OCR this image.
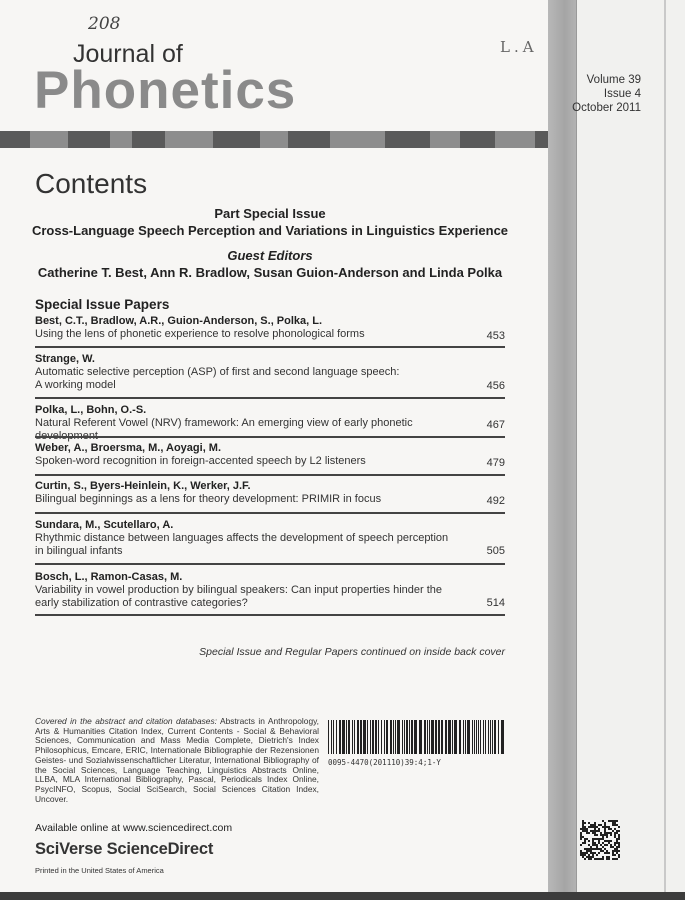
208
L.A
Journal of
Phonetics	Volume 39
Issue 4
October 2011
Contents
Part Special Issue
Cross-Language Speech Perception and Variations in Linguistics Experience
Guest Editors
Catherine T. Best, Ann R. Bradlow, Susan Guion-Anderson and Linda Polka
Special Issue Papers
Best, C.T., Bradlow, A.R., Guion-Anderson, S., Polka, L.
Using the lens of phonetic experience to resolve phonological forms	453
Strange, W.
Automatic selective perception (ASP) of first and second language speech:
A working model	456
Polka, L., Bohn, O.-S.
Natural Referent Vowel (NRV) framework: An emerging view of early phonetic	467
Weber, A., Broersma, M., Aoyagi, M.
Spoken-word recognition in foreign-accented speech by L2 listeners	479
Curtin, S., Byers-Heinlein, K., Werker, J.F.
Bilingual beginnings as a lens for theory development: PRIMIR in focus	492
Sundara, M., Scutellaro, A.
Rhythmic distance between languages affects the development of speech perception
in bilingual infants	505
Bosch, L., Ramon-Casas, M.
Variability in vowel production by bilingual speakers: Can input properties hinder the
early stabilization of contrastive categories?	514
Special Issue and Regular Papers continued on inside back cover
Covered in the abstract and citation databases: Abstracts in Anthropology, Arts & Humanities Citation Index, Current Contents - Social & Behavioral Sciences, Communication and Mass Media Complete, Dietrich's Index Philosophicus, Emcare, ERIC, Internationale Bibliographie der Rezensionen Geistes- und Sozialwissenschaftlicher Literatur, International Bibliography of the Social Sciences, Language Teaching, Linguistics Abstracts Online, LLBA, MLA International Bibliography, Pascal, Periodicals Index Online, PsycINFO, Scopus, Social SciSearch, Social Sciences Citation Index, Uncover.
0095-4470(201110)39:4;1-Y
Available online at www.sciencedirect.com
SciVerse ScienceDirect
Printed in the United States of America
